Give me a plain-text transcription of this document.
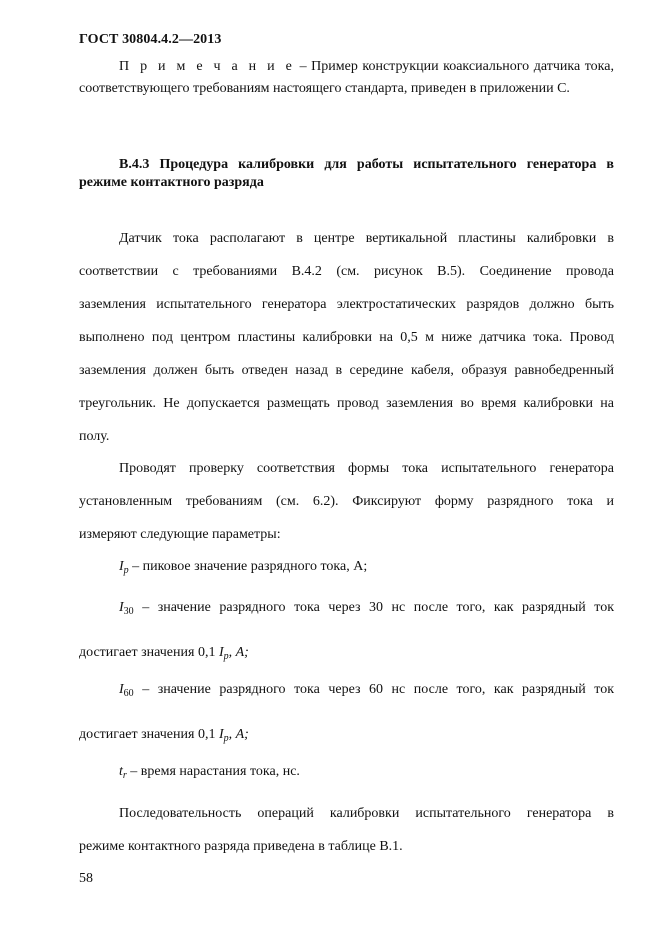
ГОСТ 30804.4.2—2013
П р и м е ч а н и е – Пример конструкции коаксиального датчика тока,
соответствующего требованиям настоящего стандарта, приведен в приложении С.
В.4.3 Процедура калибровки для работы испытательного генератора в
режиме контактного разряда
Датчик тока располагают в центре вертикальной пластины калибровки в
соответствии с требованиями В.4.2 (см. рисунок В.5). Соединение провода
заземления испытательного генератора электростатических разрядов должно быть
выполнено под центром пластины калибровки на 0,5 м ниже датчика тока. Провод
заземления должен быть отведен назад в середине кабеля, образуя равнобедренный
треугольник. Не допускается размещать провод заземления во время калибровки на
полу.
Проводят проверку соответствия формы тока испытательного генератора
установленным требованиям (см. 6.2). Фиксируют форму разрядного тока и
измеряют следующие параметры:
$I_p$ – пиковое значение разрядного тока, А;
$I_{30}$ – значение разрядного тока через 30 нс после того, как разрядный ток
достигает значения 0,1 $I_p$, А;
$I_{60}$ – значение разрядного тока через 60 нс после того, как разрядный ток
достигает значения 0,1 $I_p$, А;
$t_r$ – время нарастания тока, нс.
Последовательность операций калибровки испытательного генератора в
режиме контактного разряда приведена в таблице В.1.
58
